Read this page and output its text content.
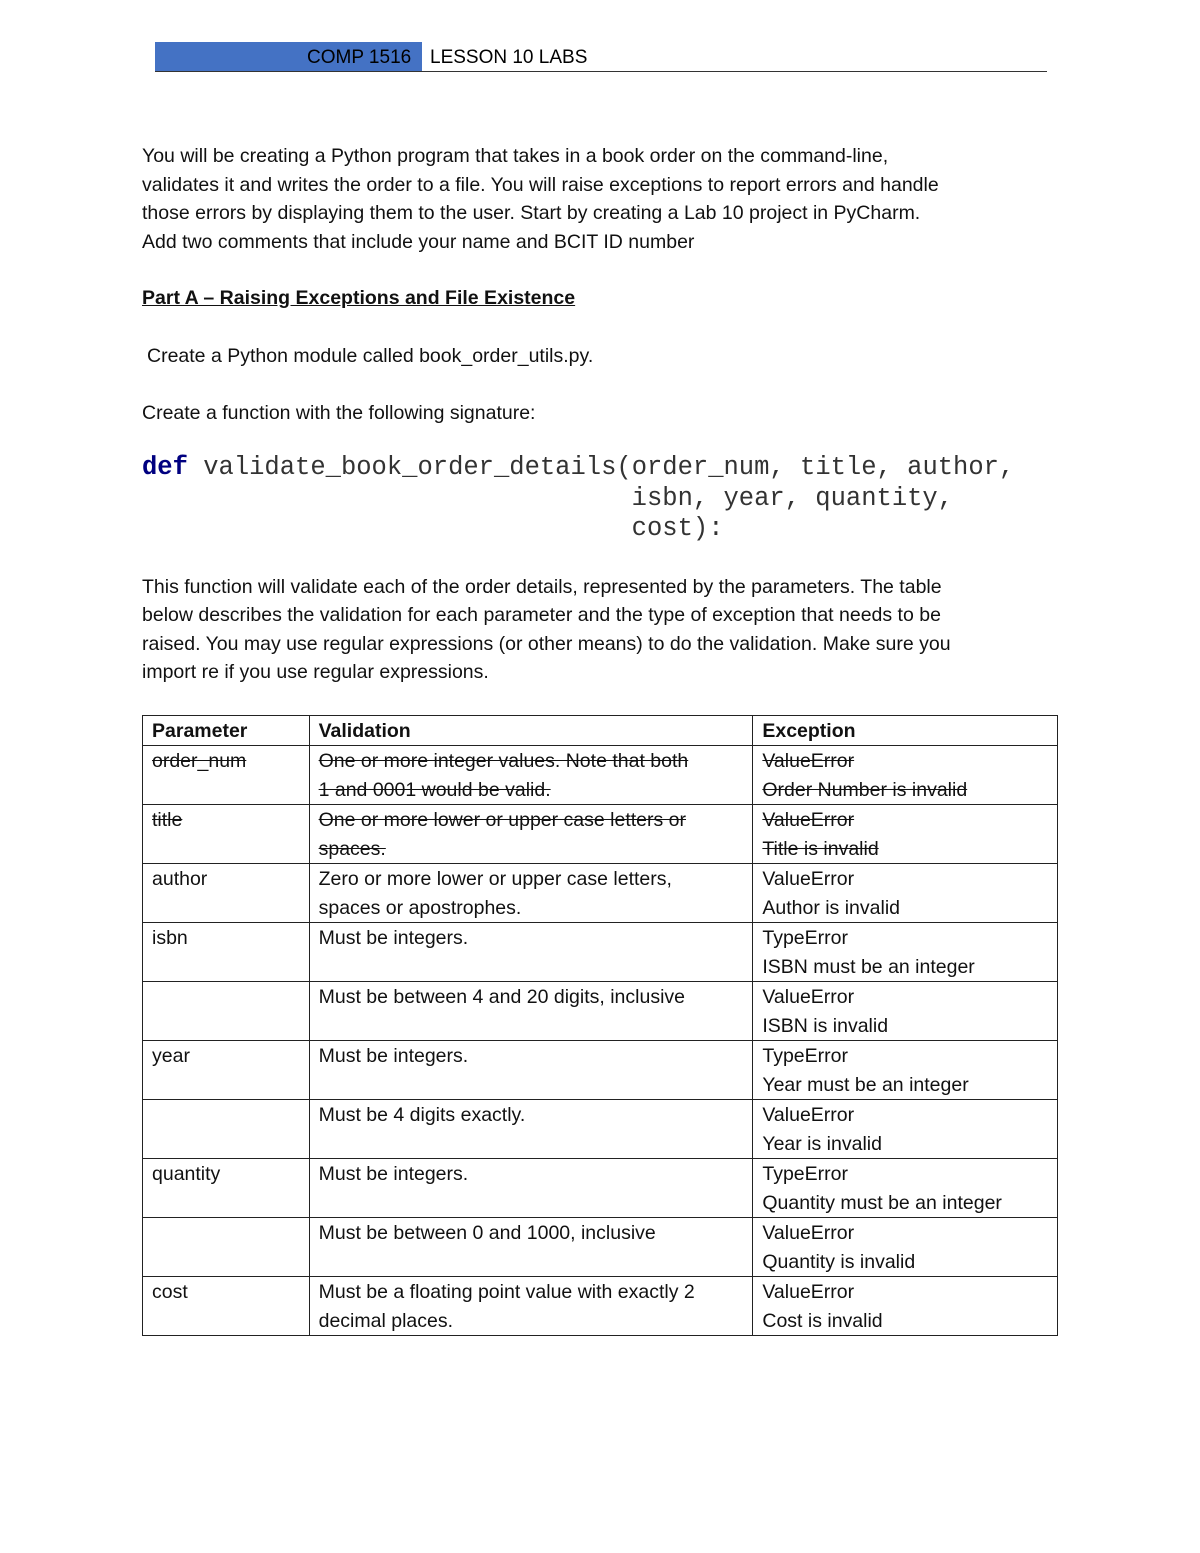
COMP 1516 LESSON 10 LABS

You will be creating a Python program that takes in a book order on the command-line,
validates it and writes the order to a file. You will raise exceptions to report errors and handle
those errors by displaying them to the user. Start by creating a Lab 10 project in PyCharm.
Add two comments that include your name and BCIT ID number

Part A – Raising Exceptions and File Existence

Create a Python module called book_order_utils.py.

Create a function with the following signature:

def validate_book_order_details(order_num, title, author,
isbn, year, quantity,
cost):

This function will validate each of the order details, represented by the parameters. The table
below describes the validation for each parameter and the type of exception that needs to be
raised. You may use regular expressions (or other means) to do the validation. Make sure you
import re if you use regular expressions.

Parameter	Validation	Exception
order_num	One or more integer values. Note that both
1 and 0001 would be valid.	ValueError
Order Number is invalid

title	One or more lower or upper case letters or
spaces.	ValueError
Title is invalid

author	Zero or more lower or upper case letters,
spaces or apostrophes.	ValueError
Author is invalid

isbn	Must be integers.	TypeError
ISBN must be an integer

	Must be between 4 and 20 digits, inclusive	ValueError
ISBN is invalid

year	Must be integers.	TypeError
Year must be an integer

	Must be 4 digits exactly.	ValueError
Year is invalid

quantity	Must be integers.	TypeError
Quantity must be an integer

	Must be between 0 and 1000, inclusive	ValueError
Quantity is invalid

cost	Must be a floating point value with exactly 2
decimal places.	ValueError
Cost is invalid
